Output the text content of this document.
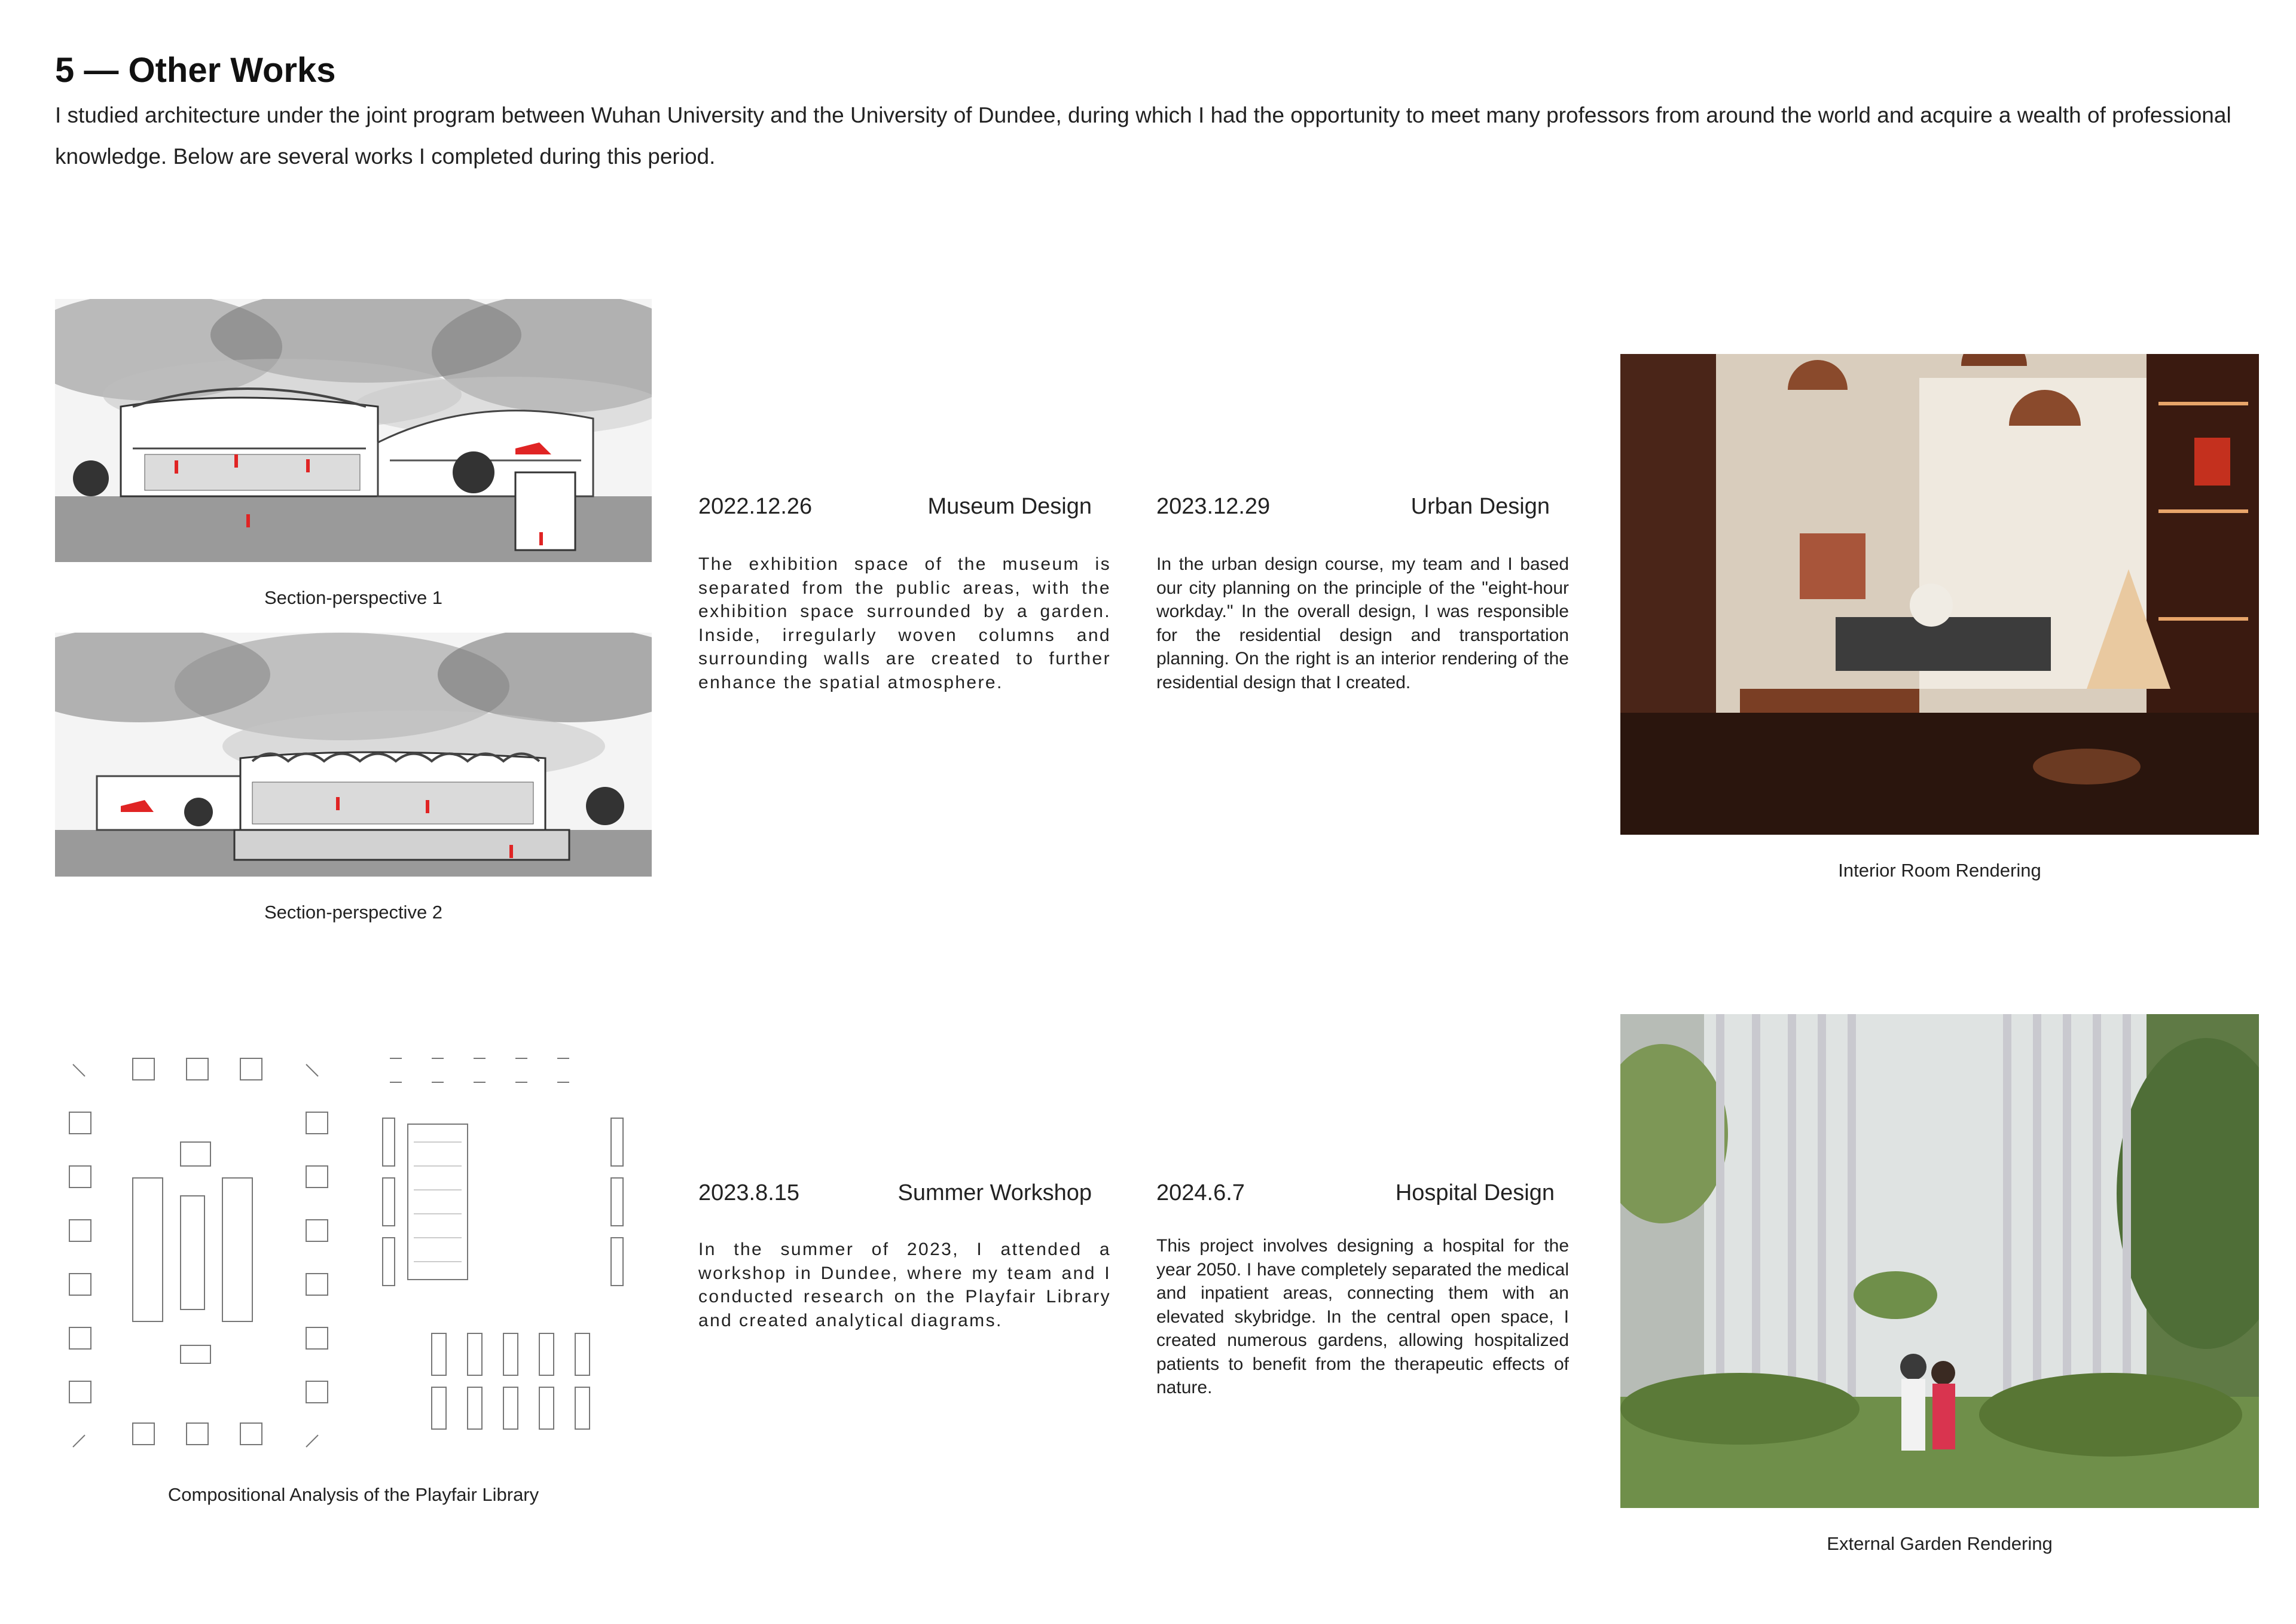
5 — Other Works

I studied architecture under the joint program between Wuhan University and the University of Dundee, during which I had the opportunity to meet many professors from around the world and acquire a wealth of professional knowledge. Below are several works I completed during this period.

Section-perspective 1
Section-perspective 2
2022.12.26	Museum Design

The exhibition space of the museum is separated from the public areas, with the exhibition space surrounded by a garden. Inside, irregularly woven columns and surrounding walls are created to further enhance the spatial atmosphere.

2023.12.29	Urban Design

In the urban design course, my team and I based our city planning on the principle of the "eight-hour workday." In the overall design, I was responsible for the residential design and transportation planning. On the right is an interior rendering of the residential design that I created.

Interior Room Rendering
Compositional Analysis of the Playfair Library
2023.8.15	Summer Workshop

In the summer of 2023, I attended a workshop in Dundee, where my team and I conducted research on the Playfair Library and created analytical diagrams.

2024.6.7	Hospital Design

This project involves designing a hospital for the year 2050. I have completely separated the medical and inpatient areas, connecting them with an elevated skybridge. In the central open space, I created numerous gardens, allowing hospitalized patients to benefit from the therapeutic effects of nature.

External Garden Rendering
